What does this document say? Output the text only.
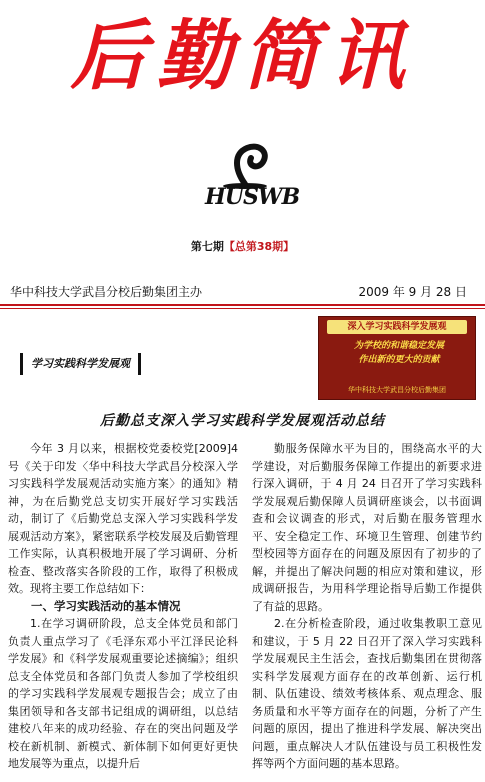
后勤简讯
HUSWB
第七期【总第38期】
华中科技大学武昌分校后勤集团主办	2009 年 9 月 28 日
深入学习实践科学发展观
为学校的和谐稳定发展
作出新的更大的贡献
华中科技大学武昌分校后勤集团
学习实践科学发展观
后勤总支深入学习实践科学发展观活动总结

今年 3 月以来，根据校党委校党[2009]4 号《关于印发〈华中科技大学武昌分校深入学习实践科学发展观活动实施方案〉的通知》精神，为在后勤党总支切实开展好学习实践活动，制订了《后勤党总支深入学习实践科学发展观活动方案》，紧密联系学校发展及后勤管理工作实际，认真积极地开展了学习调研、分析检查、整改落实各阶段的工作，取得了积极成效。现将主要工作总结如下：

一、学习实践活动的基本情况

1.在学习调研阶段，总支全体党员和部门负责人重点学习了《毛泽东邓小平江泽民论科学发展》和《科学发展观重要论述摘编》；组织总支全体党员和各部门负责人参加了学校组织的学习实践科学发展观专题报告会；成立了由集团领导和各支部书记组成的调研组，以总结建校八年来的成功经验、存在的突出问题及学校在新机制、新模式、新体制下如何更好更快地发展等为重点，以提升后

勤服务保障水平为目的，围绕高水平的大学建设，对后勤服务保障工作提出的新要求进行深入调研，于 4 月 24 日召开了学习实践科学发展观后勤保障人员调研座谈会，以书面调查和会议调查的形式，对后勤在服务管理水平、安全稳定工作、环境卫生管理、创建节约型校园等方面存在的问题及原因有了初步的了解，并提出了解决问题的相应对策和建议，形成调研报告，为用科学理论指导后勤工作提供了有益的思路。

2.在分析检查阶段，通过收集教职工意见和建议，于 5 月 22 日召开了深入学习实践科学发展观民主生活会，查找后勤集团在贯彻落实科学发展观方面存在的改革创新、运行机制、队伍建设、绩效考核体系、观点理念、服务质量和水平等方面存在的问题，分析了产生问题的原因，提出了推进科学发展、解决突出问题，重点解决人才队伍建设与员工积极性发挥等两个方面问题的基本思路。
